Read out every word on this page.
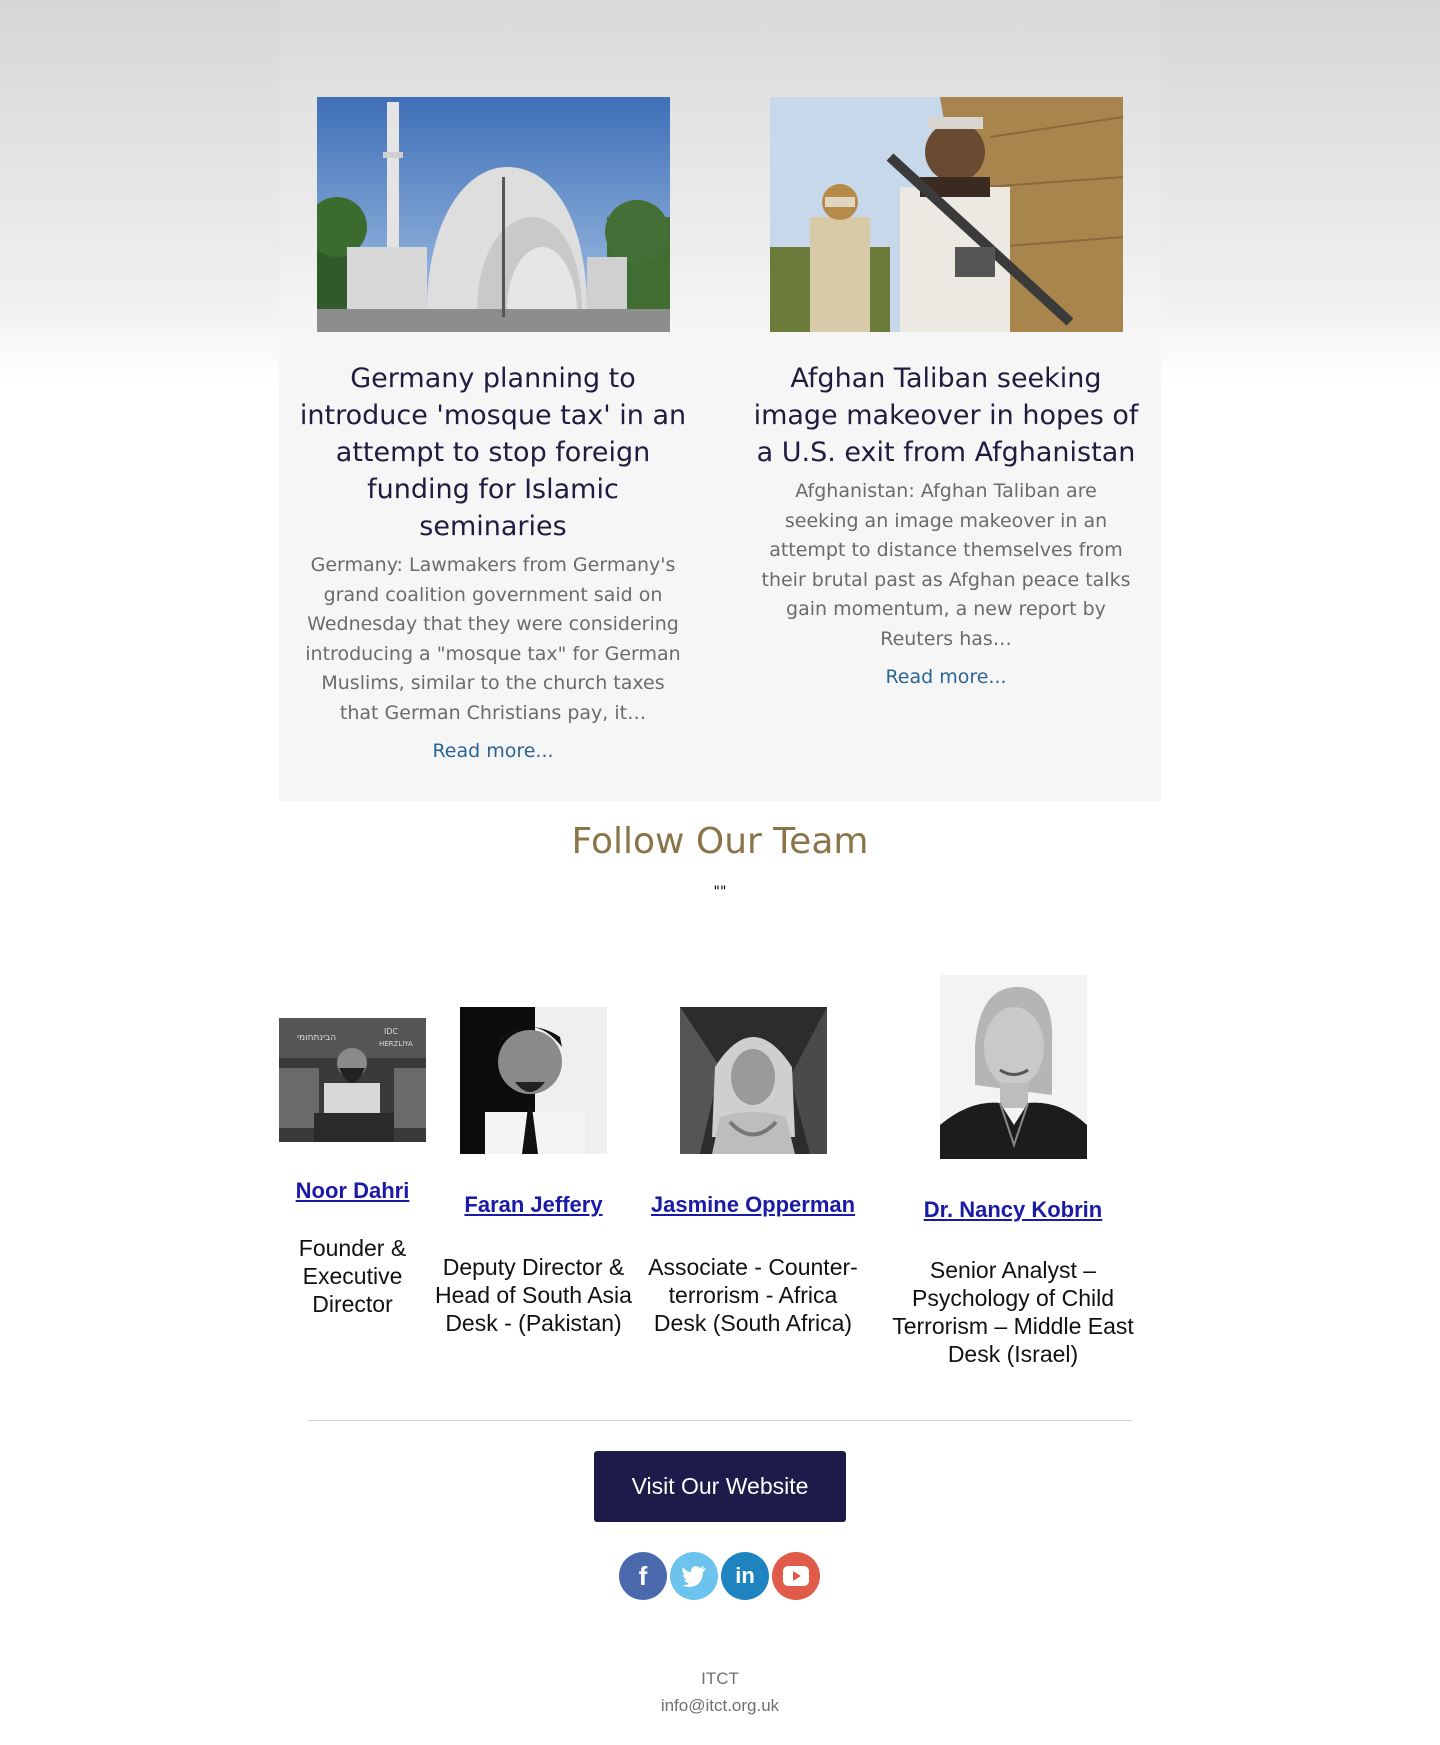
Germany planning to introduce 'mosque tax' in an attempt to stop foreign funding for Islamic seminaries

Germany: Lawmakers from Germany's grand coalition government said on Wednesday that they were considering introducing a "mosque tax" for German Muslims, similar to the church taxes that German Christians pay, it…

Read more...
Afghan Taliban seeking image makeover in hopes of a U.S. exit from Afghanistan

Afghanistan: Afghan Taliban are seeking an image makeover in an attempt to distance themselves from their brutal past as Afghan peace talks gain momentum, a new report by Reuters has…

Read more...
Follow Our Team
""
הבינתחומי
IDC
HERZLIYA
Noor Dahri
Founder & Executive Director
Faran Jeffery
Deputy Director & Head of South Asia Desk - (Pakistan)
Jasmine Opperman
Associate - Counter-terrorism - Africa Desk (South Africa)
Dr. Nancy Kobrin
Senior Analyst – Psychology of Child Terrorism – Middle East Desk (Israel)
Visit Our Website
f	in
ITCT
info@itct.org.uk
